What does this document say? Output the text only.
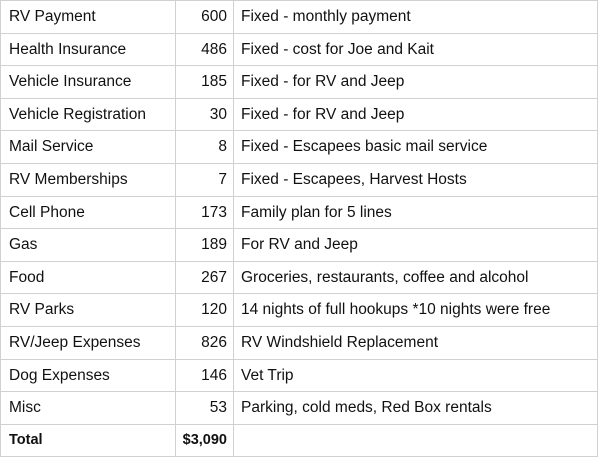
RV Payment	600	Fixed - monthly payment
Health Insurance	486	Fixed - cost for Joe and Kait
Vehicle Insurance	185	Fixed - for RV and Jeep
Vehicle Registration	30	Fixed - for RV and Jeep
Mail Service	8	Fixed - Escapees basic mail service
RV Memberships	7	Fixed - Escapees, Harvest Hosts
Cell Phone	173	Family plan for 5 lines
Gas	189	For RV and Jeep
Food	267	Groceries, restaurants, coffee and alcohol
RV Parks	120	14 nights of full hookups *10 nights were free
RV/Jeep Expenses	826	RV Windshield Replacement
Dog Expenses	146	Vet Trip
Misc	53	Parking, cold meds, Red Box rentals
Total	$3,090	
